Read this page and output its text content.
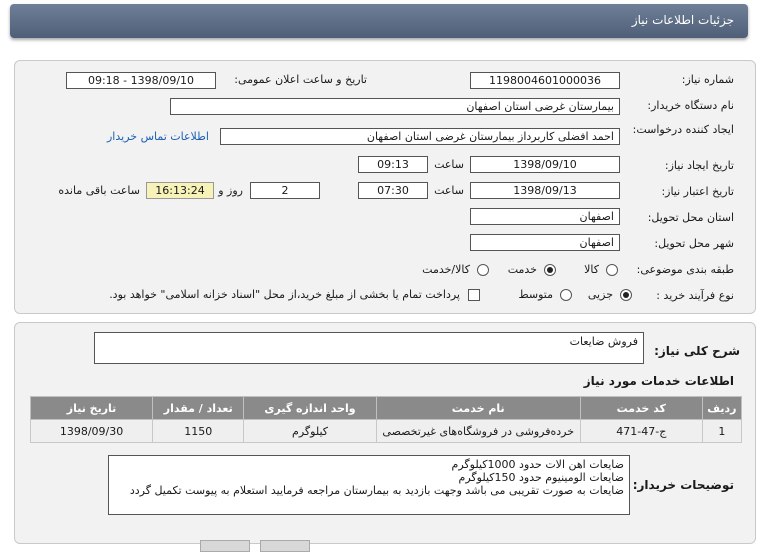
جزئیات اطلاعات نیاز
شماره نیاز:
1198004601000036
تاریخ و ساعت اعلان عمومی:
1398/09/10 - 09:18
نام دستگاه خریدار:
بیمارستان غرضی استان اصفهان
ایجاد کننده درخواست:
احمد افضلی کاربرداز بیمارستان غرضی استان اصفهان
اطلاعات تماس خریدار
تاریخ ایجاد نیاز:
1398/09/10
ساعت
09:13
تاریخ اعتبار نیاز:
1398/09/13
ساعت
07:30
2
روز و
16:13:24
ساعت باقی مانده
استان محل تحویل:
اصفهان
شهر محل تحویل:
اصفهان
طبقه بندی موضوعی:
کالا
خدمت
کالا/خدمت
نوع فرآیند خرید :
جزیی
متوسط
پرداخت تمام یا بخشی از مبلغ خرید،از محل "اسناد خزانه اسلامی" خواهد بود.
شرح کلی نیاز:
فروش ضایعات
اطلاعات خدمات مورد نیاز
ردیف	کد خدمت	نام خدمت	واحد اندازه گیری	تعداد / مقدار	تاریخ نیاز
1	ج-47-471	خرده‌فروشی در فروشگاه‌های غیرتخصصی	کیلوگرم	1150	1398/09/30
توضیحات خریدار:
ضایعات اهن الات حدود 1000کیلوگرم
ضایعات الومینیوم حدود 150کیلوگرم
ضایعات به صورت تقریبی می باشد وجهت بازدید به بیمارستان مراجعه فرمایید استعلام به پیوست تکمیل گردد
